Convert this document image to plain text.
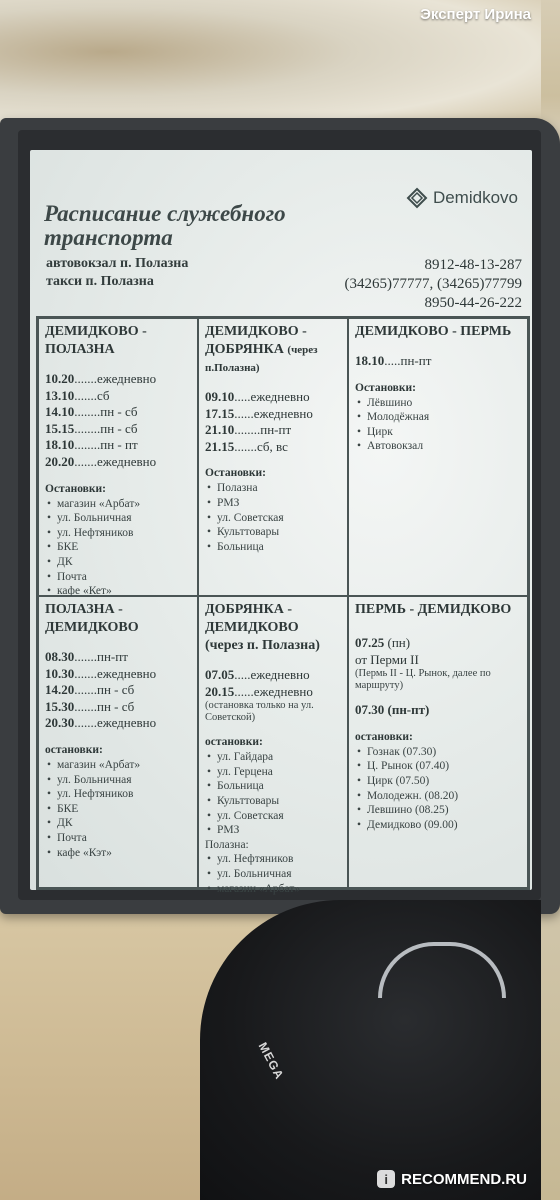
Эксперт Ирина
MEGA
Расписание служебного транспорта
Demidkovo
автовокзал п. Полазна
такси п. Полазна
8912-48-13-287
(34265)77777, (34265)77799
8950-44-26-222
ДЕМИДКОВО - ПОЛАЗНА
10.20.......ежедневно
13.10.......сб
14.10........пн - сб
15.15........пн - сб
18.10........пн - пт
20.20.......ежедневно
Остановки:
• магазин «Арбат»
• ул. Больничная
• ул. Нефтяников
• БКЕ
• ДК
• Почта
• кафе «Кет»
ДЕМИДКОВО - ДОБРЯНКА (через п.Полазна)
09.10.....ежедневно
17.15......ежедневно
21.10........пн-пт
21.15.......сб, вс
Остановки:
• Полазна
• РМЗ
• ул. Советская
• Культтовары
• Больница
ДЕМИДКОВО - ПЕРМЬ
18.10.....пн-пт
Остановки:
• Лёвшино
• Молодёжная
• Цирк
• Автовокзал
ПОЛАЗНА - ДЕМИДКОВО
08.30.......пн-пт
10.30.......ежедневно
14.20.......пн - сб
15.30.......пн - сб
20.30.......ежедневно
остановки:
• магазин «Арбат»
• ул. Больничная
• ул. Нефтяников
• БКЕ
• ДК
• Почта
• кафе «Кэт»
ДОБРЯНКА - ДЕМИДКОВО
(через п. Полазна)
07.05.....ежедневно
20.15......ежедневно
(остановка только на ул. Советской)
остановки:
• ул. Гайдара
• ул. Герцена
• Больница
• Культтовары
• ул. Советская
• РМЗ
Полазна:
• ул. Нефтяников
• ул. Больничная
• магазин «Арбат»
ПЕРМЬ - ДЕМИДКОВО
07.25 (пн)
от Перми II
(Пермь II - Ц. Рынок, далее по маршруту)
07.30 (пн-пт)
остановки:
• Гознак (07.30)
• Ц. Рынок (07.40)
• Цирк (07.50)
• Молодежн. (08.20)
• Левшино (08.25)
• Демидково (09.00)
i RECOMMEND.RU
